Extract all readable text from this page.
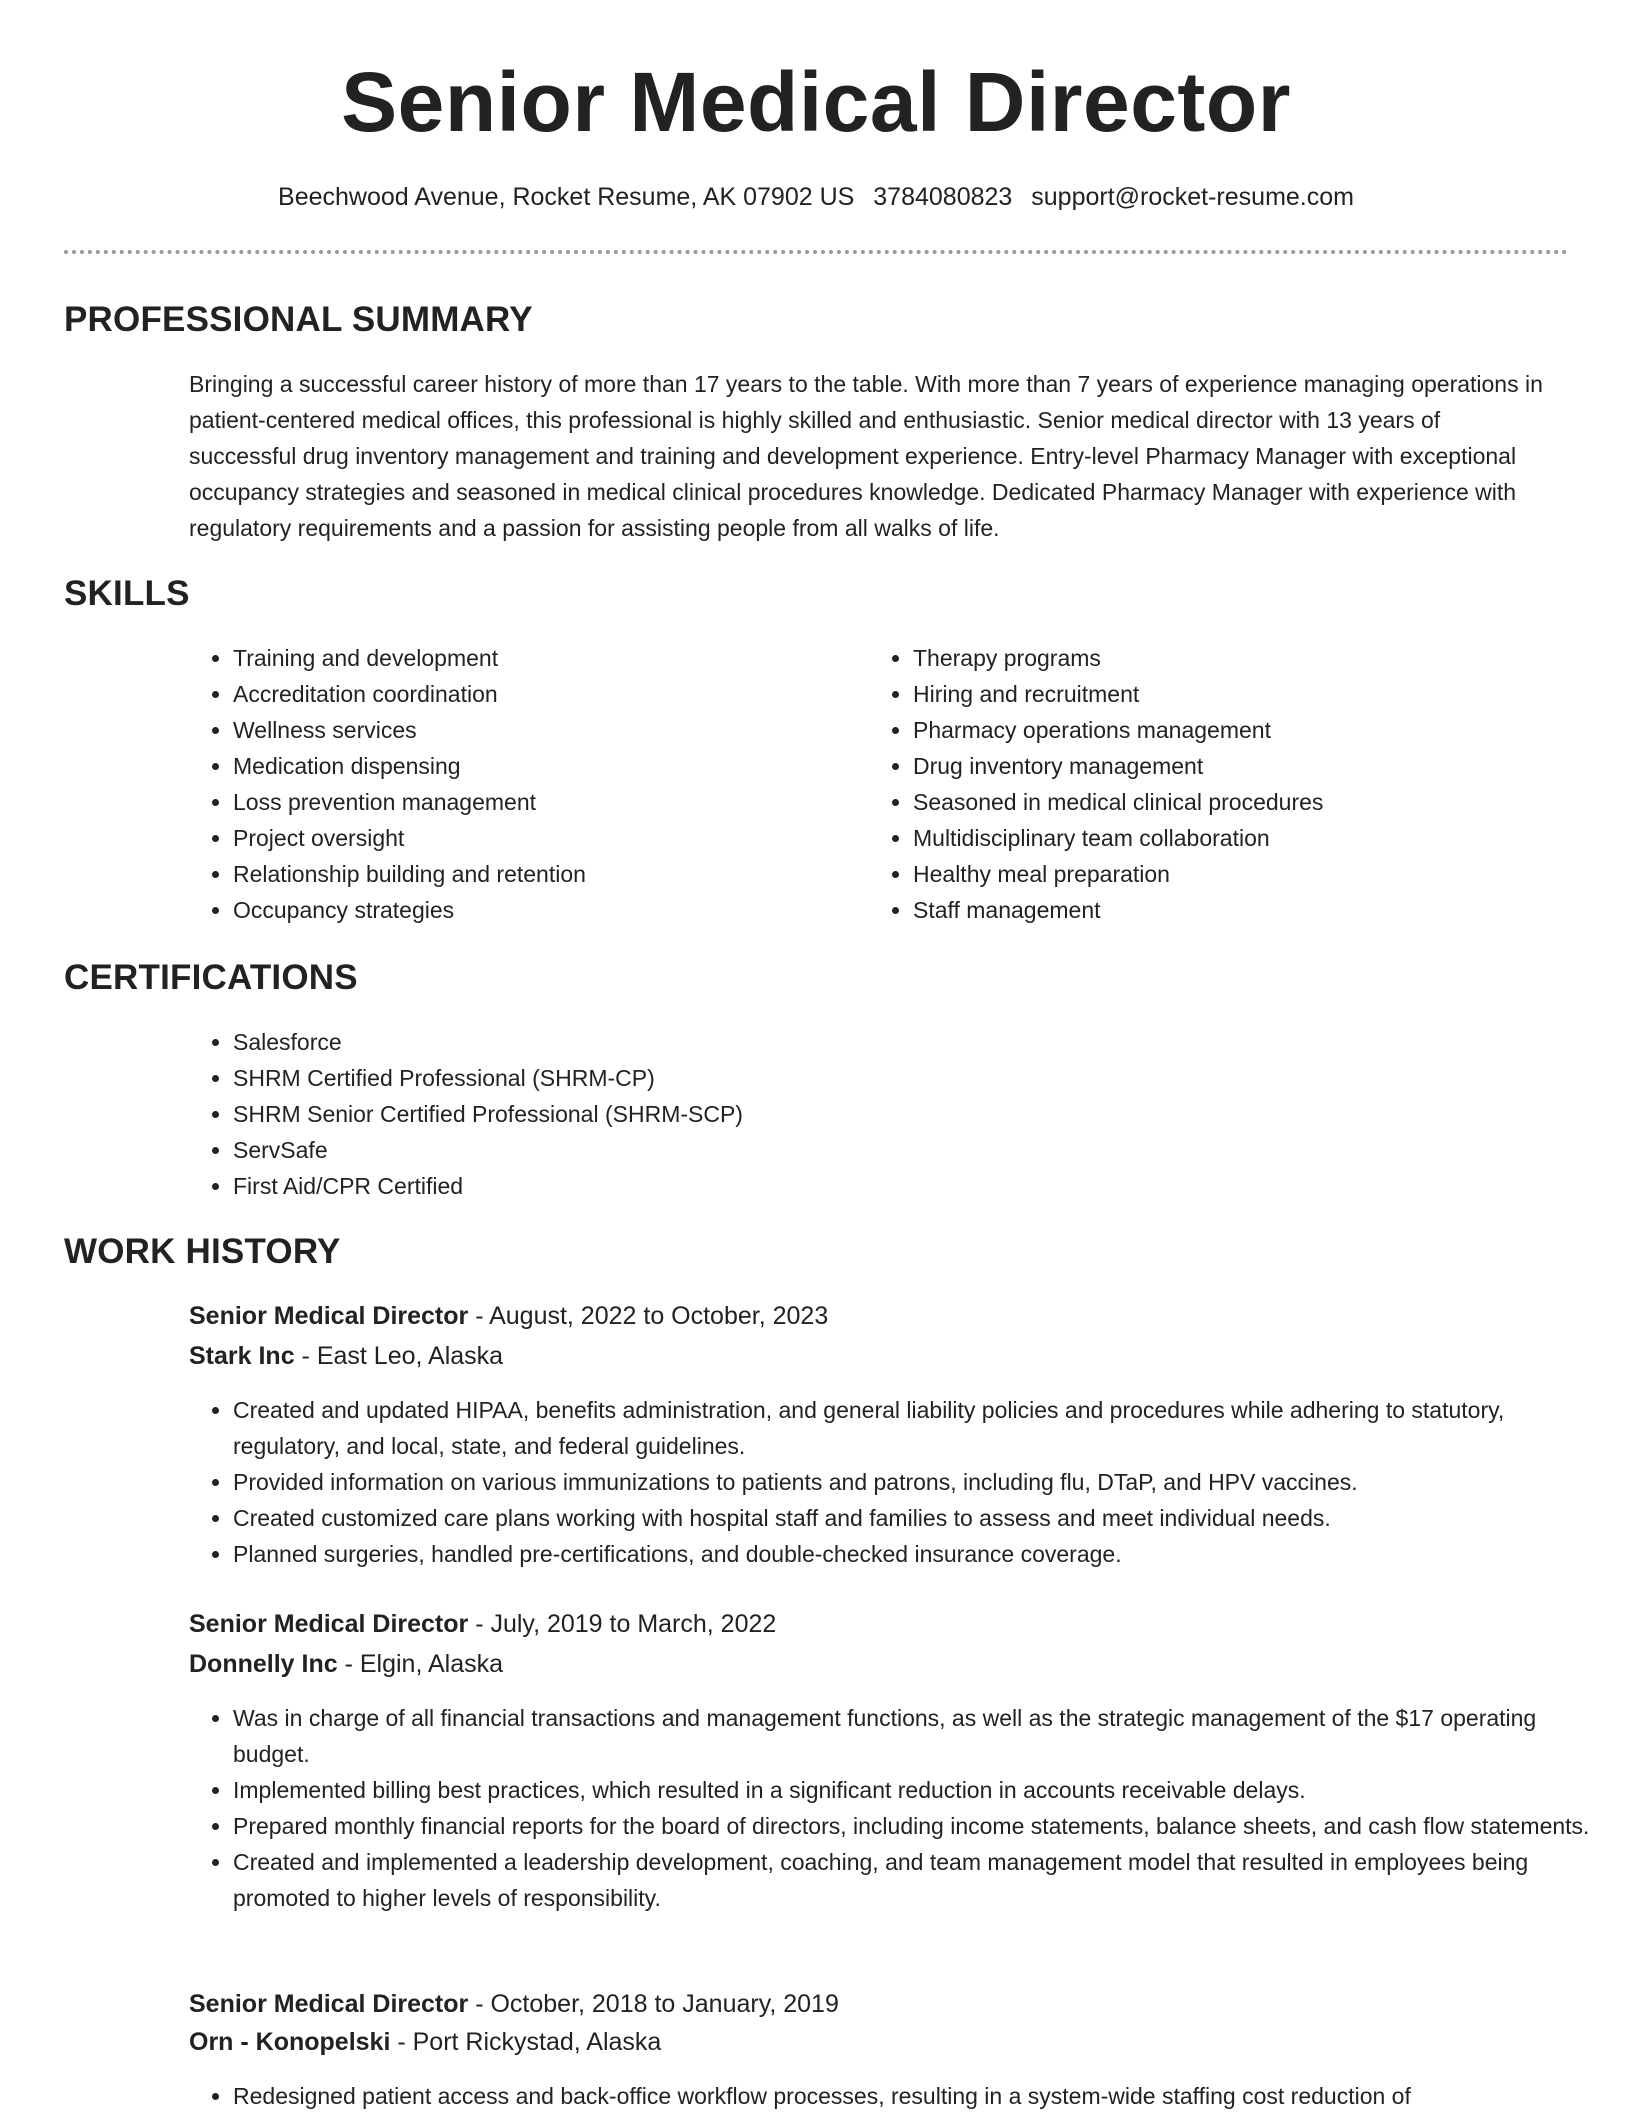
Senior Medical Director
Beechwood Avenue, Rocket Resume, AK 07902 US 3784080823 support@rocket-resume.com
PROFESSIONAL SUMMARY
Bringing a successful career history of more than 17 years to the table. With more than 7 years of experience managing operations in patient-centered medical offices, this professional is highly skilled and enthusiastic. Senior medical director with 13 years of successful drug inventory management and training and development experience. Entry-level Pharmacy Manager with exceptional occupancy strategies and seasoned in medical clinical procedures knowledge. Dedicated Pharmacy Manager with experience with regulatory requirements and a passion for assisting people from all walks of life.
SKILLS
• Training and development
• Accreditation coordination
• Wellness services
• Medication dispensing
• Loss prevention management
• Project oversight
• Relationship building and retention
• Occupancy strategies
• Therapy programs
• Hiring and recruitment
• Pharmacy operations management
• Drug inventory management
• Seasoned in medical clinical procedures
• Multidisciplinary team collaboration
• Healthy meal preparation
• Staff management
CERTIFICATIONS
• Salesforce
• SHRM Certified Professional (SHRM-CP)
• SHRM Senior Certified Professional (SHRM-SCP)
• ServSafe
• First Aid/CPR Certified
WORK HISTORY
Senior Medical Director - August, 2022 to October, 2023
Stark Inc - East Leo, Alaska
• Created and updated HIPAA, benefits administration, and general liability policies and procedures while adhering to statutory, regulatory, and local, state, and federal guidelines.
• Provided information on various immunizations to patients and patrons, including flu, DTaP, and HPV vaccines.
• Created customized care plans working with hospital staff and families to assess and meet individual needs.
• Planned surgeries, handled pre-certifications, and double-checked insurance coverage.
Senior Medical Director - July, 2019 to March, 2022
Donnelly Inc - Elgin, Alaska
• Was in charge of all financial transactions and management functions, as well as the strategic management of the $17 operating budget.
• Implemented billing best practices, which resulted in a significant reduction in accounts receivable delays.
• Prepared monthly financial reports for the board of directors, including income statements, balance sheets, and cash flow statements.
• Created and implemented a leadership development, coaching, and team management model that resulted in employees being promoted to higher levels of responsibility.
Senior Medical Director - October, 2018 to January, 2019
Orn - Konopelski - Port Rickystad, Alaska
• Redesigned patient access and back-office workflow processes, resulting in a system-wide staffing cost reduction of
